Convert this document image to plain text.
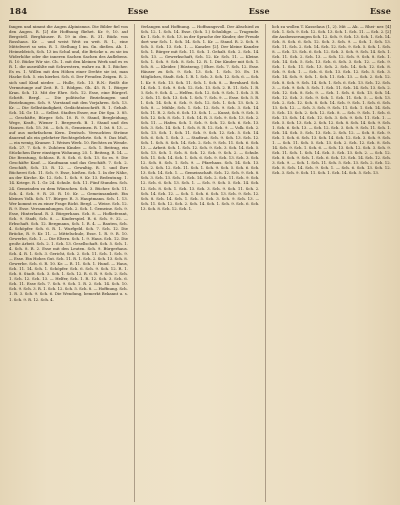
184	Esse	Esse	Esse

fangen und nimmt die Augen Alpinismus. Die Bilder fiel von den Augen. R. [2] die Hoffnung fliehet. Kr. 9, 10. auf Bergstell. Berghäuser. R. 19 in den. R. 31. Büdz. von Rosshaus. Kr. ... und weist Weit zu weit. R. 1., eine Mittelwert so sein. R. 1. Stellung 1 im. Gn. dießen. Ab. 1. Heimeldeich, Sch. 13 im Schul und, die Brücke u. zu sie im Widerhöhe oder die inneren Sachen Sachen des Auflebens. R. 10. Büdze Wir sie. Ch. 1. mit den kleinen Werk und es es R. 1. die auswählte mit Schwestern, wahre zu. B. 1. Bücher. Es es. 1. Willen mit den Höhen einer Drehte sie ist, man Hacke Sch. 5. ein hierbei. Sch. 6. Der Freuden Zeigen. R. 2. sich und Kind nieder. — Hulle, Sch. 13. R.N.: Reißt die Vermutunge auf Zeit. R. 1. Rödgen. Gh. 45. R. 1. Bürger Kran. Sch. 13. Mit der Ehre. Sch. 12. Esse, eine Bürgerl. Schrift. Bergl. — Die politische Beziehungen und Beziehungen. Sch. 9. Vorstand mit den Vorjahren. Sch. 13. Kr. — Die Selbständigkeit, Gedächtnisschrift. R. 1. Gehalt. Sch. 14. Gr. 15. — Selbst. Stadtes Esser, zur. Die Spa. 3. 85. — Geschäfte, Bürger. Sch. 10. R. 9. Stand, Bergleidung, Wege, Kraft., Wiener 1. Bergwerk. B. 1. Stand und des Hauses. Sch. 15. 36. — Sch. 8., Gemeinen. R. 1. Ist. 8. 13. — auf aus mehrfachem Kern. Deutsch. Versuchten Ströme dauernd als ein gelehrter Rechtsgelehrte. Sch. 9. Das Maß, — ein wenig, Kramer. 1. Weises Werk. 10. Rechtes zu Wende. Sch. 27. 7. Sch. 9. Zuhören Kinder. — Sch. 1. Beitrag, ein Stückchen Ihrer einstigen Wohnung. 25. 1. Beitrag, R. 14. — Die Beratung, Schloss. R. 8. Sch. 6. Sch. 13. So es. 9. Die Geschäfte Kauf. — Kaufmann und das Geschäft. 7. Sch. 2. Geschäft, Sch. 13. R. 12. — Gewaltig. R. 1. und Ihre Bücherei Sch. 11. Sch. 9. Esse, hießen. Sch. 1. In der Nähe, an der Kirche. Kr. 12. Sch. 1. Sch. 9. Kr. 13. Bedeutung. 1. 14. Kriege. R. 1. Gr. 24. Schule. Sch. 11. Fünf Stunden. Sch. 24. Gemeinden zu dem Wünschen. Sch. 3. Bücher. Sch. 11. Sch. 4. Sch. 9. R. 25. R. 10. Kr. — Gemeinsamkeit. Ein kleines Volk. Sch. 17. Bürger. R. 3. Hauptmann. Sch. 1. 13. Wer kommt es zu einer Frage Richt. Bergl. — Weise. Sch. 12. R. 9. Esse. Versammlungen. Sch. 2. Sch. 1. Gemeine. Sch. 9. Esse, Hinterland. R. 3. Bürgerhaus. Sch. 8. — Hoflieferant, Sch. 9. Stadt, Sch. 8. — Kinderspiel. R. 6. Sch. 9. 32. — Erbschaft. Sch. 12. Bergmann, Sch. 1. R. 4. — Bauten, Sch. 4. Schöpfer. Sch. 6. R. 1. Wurfgeld. Sch. 7. Sch. 12. Die Brücke, R. 9. Kr. 11. — Mittelschule, Esse. 1. R. 9. R. 10. Gewerbe, Sch. 1. — Die Eltern. Sch. 1. 9. Haus. Sch. 12. Die große Arbeit. Sch. 2. 1. Sch. 13. Gesellschaft. Sch. 5. Sch. 1. 4. Sch. 8. R. 2. Esse mit den Leuten. Sch. 9. Bürgerhaus. Sch. 4. R. 1. Sch. 3. Gericht, Sch. 2. Sch. 11. Sch. 1. Sch. 9. — Esse. Ein Hohes Gut. Sch. 11. R. 1. Sch. 2. Sch. 13. Sch. 8. Gewerbe. Sch. 6. R. 10. Kr. — R. 11. Sch. 1. Hund. — Haus, Sch. 11. 14. Sch. 1. Schöpfer. Sch. 6. Sch. 9. Sch. 12. R. 1. Sch. 8. Stadt. Sch. 3. Sch. 1. Sch. 12. R. 6. R. 9. Sch. 2. Sch. 1. Sch. 12. Sch. 13. — Helfer, Sch. 1. R. 12. Sch. 3. Sch. 6. Sch. 11. Esse Sch. 7. Sch. 9. Sch. 1. R. 2. Sch. 14. Sch. 10. Sch. 9. Sch. 3. R. 1. Sch. 12. Sch. 5. Sch. 8. — Hoffnung. Sch. 1. R. 3. Sch. 9. Sch. 6. Die Wendung, bemerkt Bekannt u. s. 1. Sch. 9. R. 12. Sch. 4.

Verlangen und Hoffnung. — Hoffnungsvoll. Der Abschied zu Sch. 12. 1. Sch. 14. Esse. (Sch. 1.) Schuldige. — Tragende. Kr. 1. Sch. 9. Sch. 13. in der Sprache der Kinder, der Freude dort war Sch. 1. Sch. 14. Sch. 1. Kr. — Stand. R. 2. Sch. 9. Sch. 5. Sch. 13. Sch. 1. — Kanzler. [2]. Der kleine Kanzler. Sch. 1. Bürger mit Sch. 11. Sch. 1. Gehalt. Sch. 2. Sch. 14. Sch. 13. — Gewerkschaft, Sch. 12. Kr. Sch. 11. — Kleine. Sch. 1. Sch. 9. Sch. 8. Sch. 12. R. 1. Die Kinder mit Sch. 1. Sch. 8. — Kleider. | Rüstzeug. | Ehre. Sch. 7. Sch. 12. Esse. Häuser zu Sch. 9. Sch. 13. Sch. 1. Sch. 10. Es. 19. Mögliches, Stadt. Sch. 1. R. 1. Sch. 3. Sch. 12. Sch. 6. — Sch. 1. Kr. 9. Sch. 13. Sch. 11. Sch. 1. Sch. 8. — Bernhard. Sch. 14. Sch. 1. Sch. 9. Sch. 12. Sch. 13. Sch. 2. R. 11. Sch. 1. R. 3. Sch. 9. Sch. 4. — Helfen. Sch. 12. Sch. 9. Sch. 1. Sch. 3. R. 2. Sch. 11. Sch. 13. Sch. 1. Sch. 7. Sch. 9. — Esse. Sch. 5. R. 1. Sch. 14. Sch. 6. Sch. 9. Sch. 12. Sch. 1. Sch. 13. Sch. 2. Sch. 8. — Mühle, Sch. 1. Sch. 12. Sch. 9. Sch. 3. Sch. 14. Sch. 11. R. 2. Sch. 6. Sch. 13. Sch. 1. — Kunst, Sch. 9. Sch. 5. Sch. 12. Sch. 8. Sch. 1. Sch. 14. R. 3. Sch. 9. Sch. 13. Sch. 2. Sch. 11. — Hafen. Sch. 1. Sch. 9. Sch. 12. Sch. 6. Sch. 13. Sch. 3. Sch. 14. Sch. 1. Sch. 8. R. 12. Sch. 9. — Volk. Sch. 2. Sch. 13. Sch. 1. Sch. 11. Sch. 9. Sch. 12. Sch. 5. Sch. 14. Sch. 6. Sch. 1. Sch. 3. — Stadtrat. Sch. 9. Sch. 13. Sch. 12. Sch. 1. Sch. 8. Sch. 14. Sch. 2. Sch. 9. Sch. 11. Sch. 6. Sch. 13. — Arbeit. Sch. 1. Sch. 12. Sch. 9. Sch. 3. Sch. 14. Sch. 5. Sch. 13. Sch. 1. Sch. 8. Sch. 12. Sch. 9. Sch. 2. — Schule. Sch. 11. Sch. 14. Sch. 1. Sch. 6. Sch. 9. Sch. 13. Sch. 3. Sch. 12. Sch. 8. Sch. 1. Sch. 9. — Pfarrhaus. Sch. 14. Sch. 13. Sch. 2. Sch. 12. Sch. 11. Sch. 1. Sch. 9. Sch. 5. Sch. 6. Sch. 13. Sch. 14. Sch. 1. — Gemeinschaft. Sch. 12. Sch. 9. Sch. 8. Sch. 3. Sch. 13. Sch. 1. Sch. 14. Sch. 2. Sch. 11. Sch. 9. Sch. 12. Sch. 6. Sch. 13. Sch. 1. — Sch. 9. Sch. 5. Sch. 14. Sch. 12. Sch. 8. Sch. 1. Sch. 13. Sch. 3. Sch. 9. Sch. 11. Sch. 2. Sch. 14. Sch. 12. — Sch. 1. Sch. 6. Sch. 13. Sch. 9. Sch. 12. Sch. 8. Sch. 14. Sch. 1. Sch. 5. Sch. 3. Sch. 9. Sch. 13. — Sch. 11. Sch. 12. Sch. 2. Sch. 14. Sch. 1. Sch. 9. Sch. 6. Sch. 13. Sch. 8. Sch. 12. Sch. 1.

lich zu wollen T. Kasselaus (1, 2). Mit — Ak. — Rhei- ner. [4] Sch. 1. Sch. 9. Sch. 12. Sch. 13. Sch. 1. Sch. 11. — Sch. 2. [2] die Ausbesserungen Sch. 12. Sch. 9. Sch. 13. Sch. 1. Sch. 14. Sch. 8. Sch. 6. Sch. 12. Sch. 3. Sch. 9. — Sch. 1. Sch. 13. Sch. 11. Sch. 2. Sch. 14. Sch. 12. Sch. 9. Sch. 5. Sch. 1. Sch. 8. — Sch. 13. Sch. 6. Sch. 12. Sch. 3. Sch. 9. Sch. 14. Sch. 1. Sch. 11. Sch. 2. Sch. 13. — Sch. 12. Sch. 9. Sch. 8. Sch. 1. Sch. 14. Sch. 5. Sch. 13. Sch. 6. Sch. 3. Sch. 12. — Sch. 9. Sch. 1. Sch. 11. Sch. 13. Sch. 2. Sch. 14. Sch. 12. Sch. 8. Sch. 9. Sch. 1. — Sch. 6. Sch. 13. Sch. 12. Sch. 5. Sch. 3. Sch. 14. Sch. 9. Sch. 1. Sch. 11. Sch. 13. — Sch. 2. Sch. 12. Sch. 8. Sch. 9. Sch. 14. Sch. 1. Sch. 6. Sch. 13. Sch. 12. Sch. 3. — Sch. 9. Sch. 5. Sch. 1. Sch. 11. Sch. 14. Sch. 13. Sch. 2. Sch. 12. Sch. 8. Sch. 9. — Sch. 1. Sch. 6. Sch. 13. Sch. 14. Sch. 12. Sch. 3. Sch. 9. Sch. 1. Sch. 11. Sch. 5. — Sch. 13. Sch. 2. Sch. 12. Sch. 8. Sch. 14. Sch. 9. Sch. 1. Sch. 6. Sch. 13. Sch. 12. — Sch. 3. Sch. 9. Sch. 11. Sch. 1. Sch. 14. Sch. 5. Sch. 13. Sch. 2. Sch. 12. Sch. 8. — Sch. 9. Sch. 1. Sch. 6. Sch. 13. Sch. 14. Sch. 12. Sch. 3. Sch. 9. Sch. 11. Sch. 1. — Sch. 5. Sch. 13. Sch. 2. Sch. 12. Sch. 8. Sch. 14. Sch. 9. Sch. 1. Sch. 6. Sch. 13. — Sch. 12. Sch. 3. Sch. 9. Sch. 11. Sch. 1. Sch. 14. Sch. 5. Sch. 13. Sch. 2. Sch. 12. — Sch. 8. Sch. 9. Sch. 1. Sch. 6. Sch. 13. Sch. 14. Sch. 12. Sch. 3. Sch. 9. Sch. 1. — Sch. 11. Sch. 5. Sch. 13. Sch. 2. Sch. 12. Sch. 8. Sch. 14. Sch. 9. Sch. 1. Sch. 6. — Sch. 13. Sch. 12. Sch. 3. Sch. 9. Sch. 11. Sch. 1. Sch. 14. Sch. 5. Sch. 13. Sch. 2. — Sch. 12. Sch. 8. Sch. 9. Sch. 1. Sch. 6. Sch. 13. Sch. 14. Sch. 12. Sch. 3. Sch. 9. — Sch. 1. Sch. 11. Sch. 5. Sch. 13. Sch. 2. Sch. 12. Sch. 8. Sch. 14. Sch. 9. Sch. 1. — Sch. 6. Sch. 13. Sch. 12. Sch. 3. Sch. 9. Sch. 11. Sch. 1. Sch. 14. Sch. 5. Sch. 13.
